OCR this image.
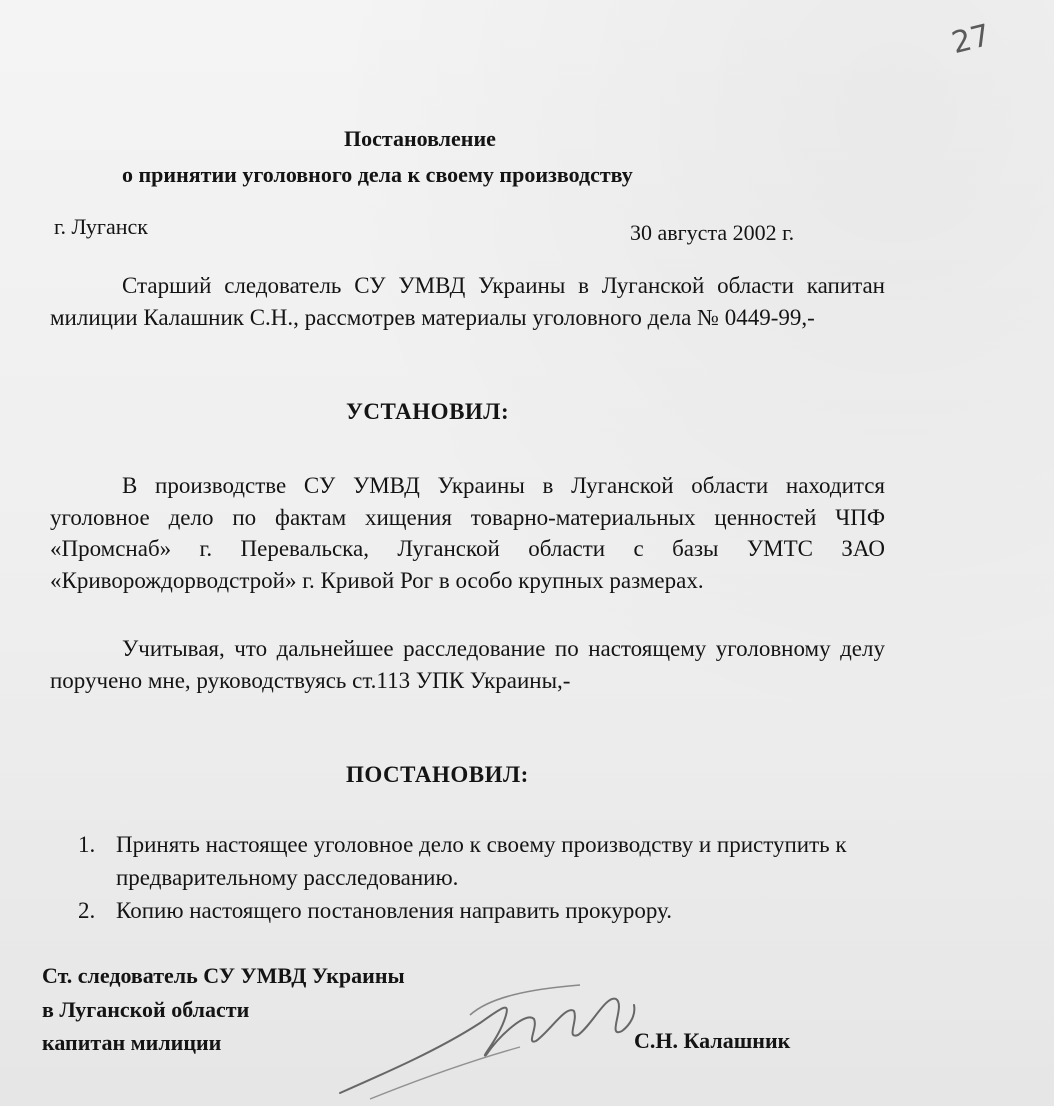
27
Постановление
о принятии уголовного дела к своему производству
г. Луганск	30 августа 2002 г.

Старший следователь СУ УМВД Украины в Луганской области капитан милиции Калашник С.Н., рассмотрев материалы уголовного дела № 0449-99,-

УСТАНОВИЛ:

В производстве СУ УМВД Украины в Луганской области находится уголовное дело по фактам хищения товарно-материальных ценностей ЧПФ «Промснаб» г. Перевальска, Луганской области с базы УМТС ЗАО «Криворождорводстрой» г. Кривой Рог в особо крупных размерах.

Учитывая, что дальнейшее расследование по настоящему уголовному делу поручено мне, руководствуясь ст.113 УПК Украины,-

ПОСТАНОВИЛ:
1. Принять настоящее уголовное дело к своему производству и приступить к предварительному расследованию.
2. Копию настоящего постановления направить прокурору.
Ст. следователь СУ УМВД Украины
в Луганской области
капитан милиции	С.Н. Калашник
